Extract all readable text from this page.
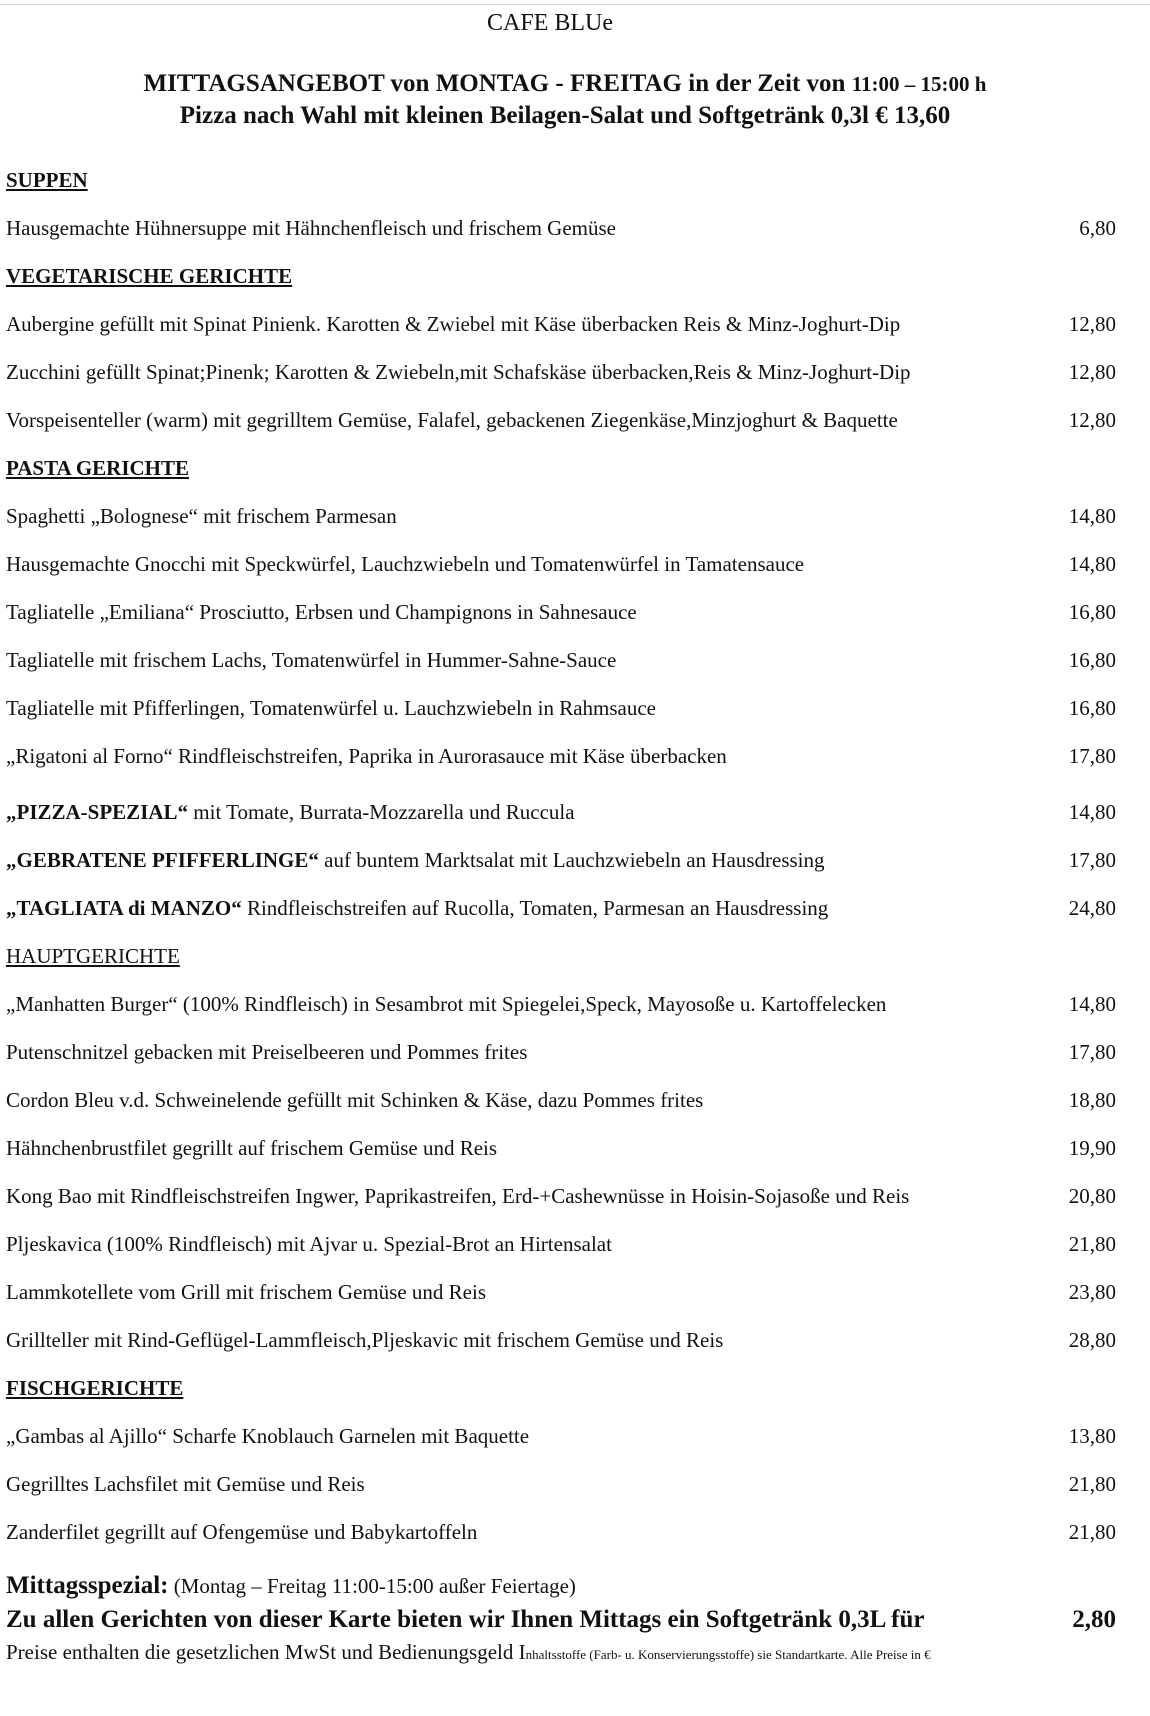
CAFE BLUe
MITTAGSANGEBOT von MONTAG - FREITAG in der Zeit von 11:00 – 15:00 h
Pizza nach Wahl mit kleinen Beilagen-Salat und Softgetränk 0,3l € 13,60
SUPPEN
Hausgemachte Hühnersuppe mit Hähnchenfleisch und frischem Gemüse	6,80
VEGETARISCHE GERICHTE
Aubergine gefüllt mit Spinat Pinienk. Karotten & Zwiebel mit Käse überbacken Reis & Minz-Joghurt-Dip	12,80
Zucchini gefüllt Spinat;Pinenk; Karotten & Zwiebeln,mit Schafskäse überbacken,Reis & Minz-Joghurt-Dip	12,80
Vorspeisenteller (warm) mit gegrilltem Gemüse, Falafel, gebackenen Ziegenkäse,Minzjoghurt & Baquette	12,80
PASTA GERICHTE
Spaghetti „Bolognese“ mit frischem Parmesan	14,80
Hausgemachte Gnocchi mit Speckwürfel, Lauchzwiebeln und Tomatenwürfel in Tamatensauce	14,80
Tagliatelle „Emiliana“ Prosciutto, Erbsen und Champignons in Sahnesauce	16,80
Tagliatelle mit frischem Lachs, Tomatenwürfel in Hummer-Sahne-Sauce	16,80
Tagliatelle mit Pfifferlingen, Tomatenwürfel u. Lauchzwiebeln in Rahmsauce	16,80
„Rigatoni al Forno“ Rindfleischstreifen, Paprika in Aurorasauce mit Käse überbacken	17,80
„PIZZA-SPEZIAL“ mit Tomate, Burrata-Mozzarella und Ruccula	14,80
„GEBRATENE PFIFFERLINGE“ auf buntem Marktsalat mit Lauchzwiebeln an Hausdressing	17,80
„TAGLIATA di MANZO“ Rindfleischstreifen auf Rucolla, Tomaten, Parmesan an Hausdressing	24,80
HAUPTGERICHTE
„Manhatten Burger“ (100% Rindfleisch) in Sesambrot mit Spiegelei,Speck, Mayosoße u. Kartoffelecken	14,80
Putenschnitzel gebacken mit Preiselbeeren und Pommes frites	17,80
Cordon Bleu v.d. Schweinelende gefüllt mit Schinken & Käse, dazu Pommes frites	18,80
Hähnchenbrustfilet gegrillt auf frischem Gemüse und Reis	19,90
Kong Bao mit Rindfleischstreifen Ingwer, Paprikastreifen, Erd-+Cashewnüsse in Hoisin-Sojasoße und Reis	20,80
Pljeskavica (100% Rindfleisch) mit Ajvar u. Spezial-Brot an Hirtensalat	21,80
Lammkotellete vom Grill mit frischem Gemüse und Reis	23,80
Grillteller mit Rind-Geflügel-Lammfleisch,Pljeskavic mit frischem Gemüse und Reis	28,80
FISCHGERICHTE
„Gambas al Ajillo“ Scharfe Knoblauch Garnelen mit Baquette	13,80
Gegrilltes Lachsfilet mit Gemüse und Reis	21,80
Zanderfilet gegrillt auf Ofengemüse und Babykartoffeln	21,80
Mittagsspezial: (Montag – Freitag 11:00-15:00 außer Feiertage)
Zu allen Gerichten von dieser Karte bieten wir Ihnen Mittags ein Softgetränk 0,3L für	2,80
Preise enthalten die gesetzlichen MwSt und Bedienungsgeld Inhaltsstoffe (Farb- u. Konservierungsstoffe) sie Standartkarte. Alle Preise in €
